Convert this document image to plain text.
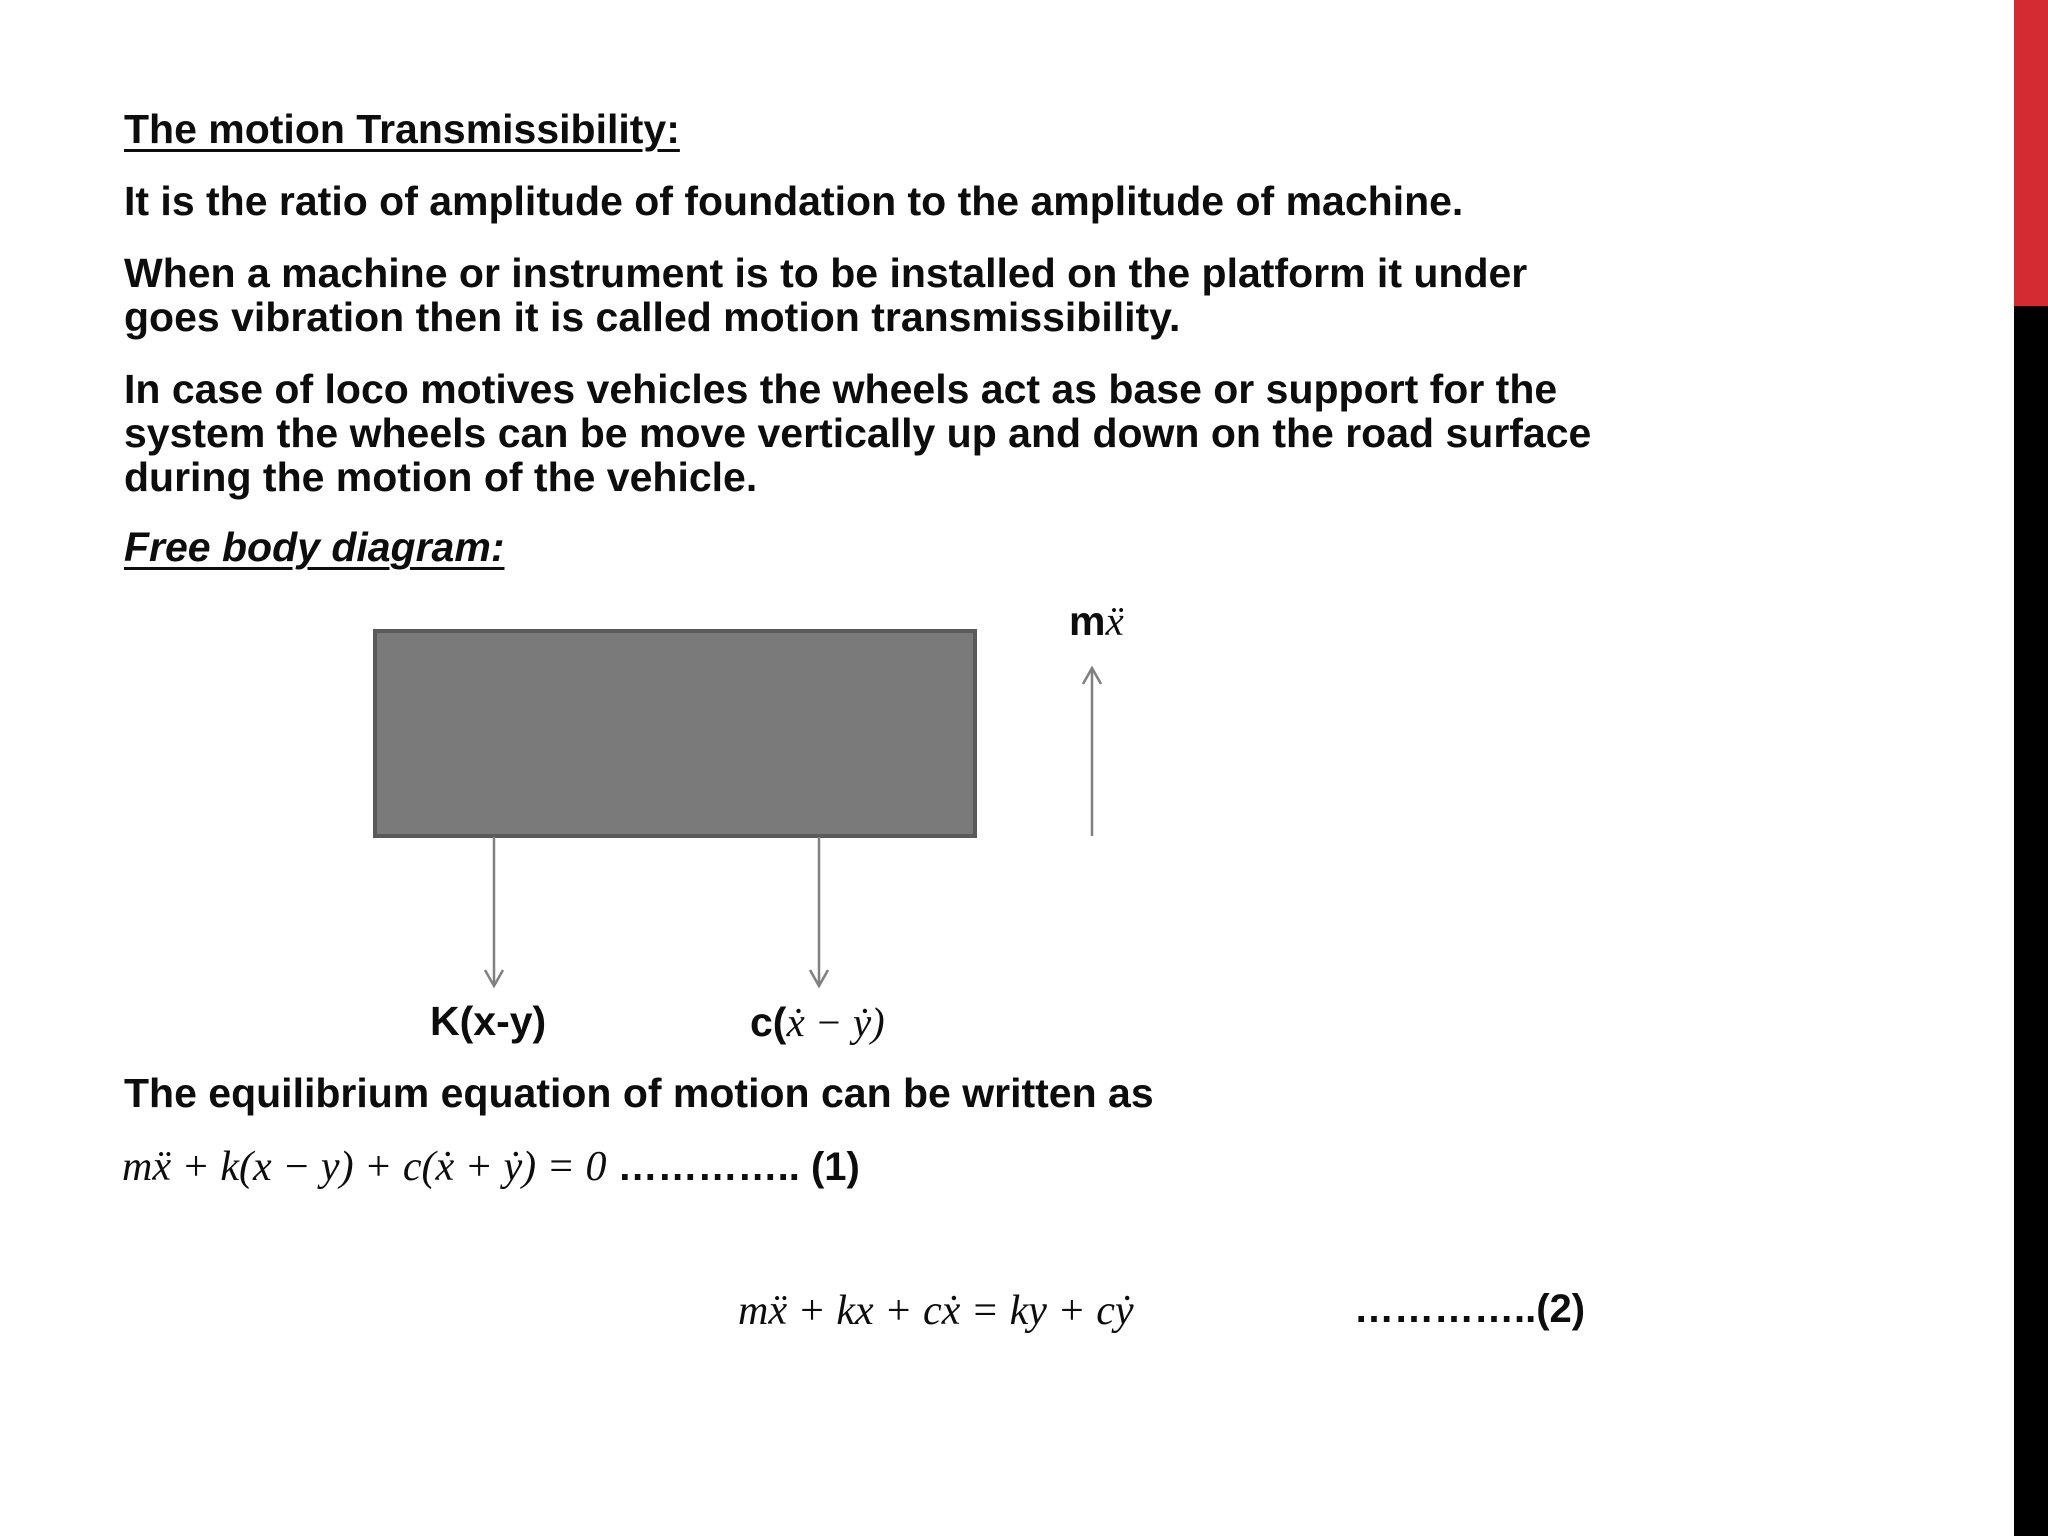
The motion Transmissibility:
It is the ratio of amplitude of foundation to the amplitude of machine.
When a machine or instrument is to be installed on the platform it under
goes vibration then it is called motion transmissibility.
In case of loco motives vehicles the wheels act as base or support for the
system the wheels can be move vertically up and down on the road surface
during the motion of the vehicle.
Free body diagram:
mẍ
K(x-y)	c(ẋ − ẏ)
The equilibrium equation of motion can be written as
mẍ + k(x − y) + c(ẋ + ẏ) = 0 ………….. (1)
mẍ + kx + cẋ = ky + cẏ	…………..(2)
